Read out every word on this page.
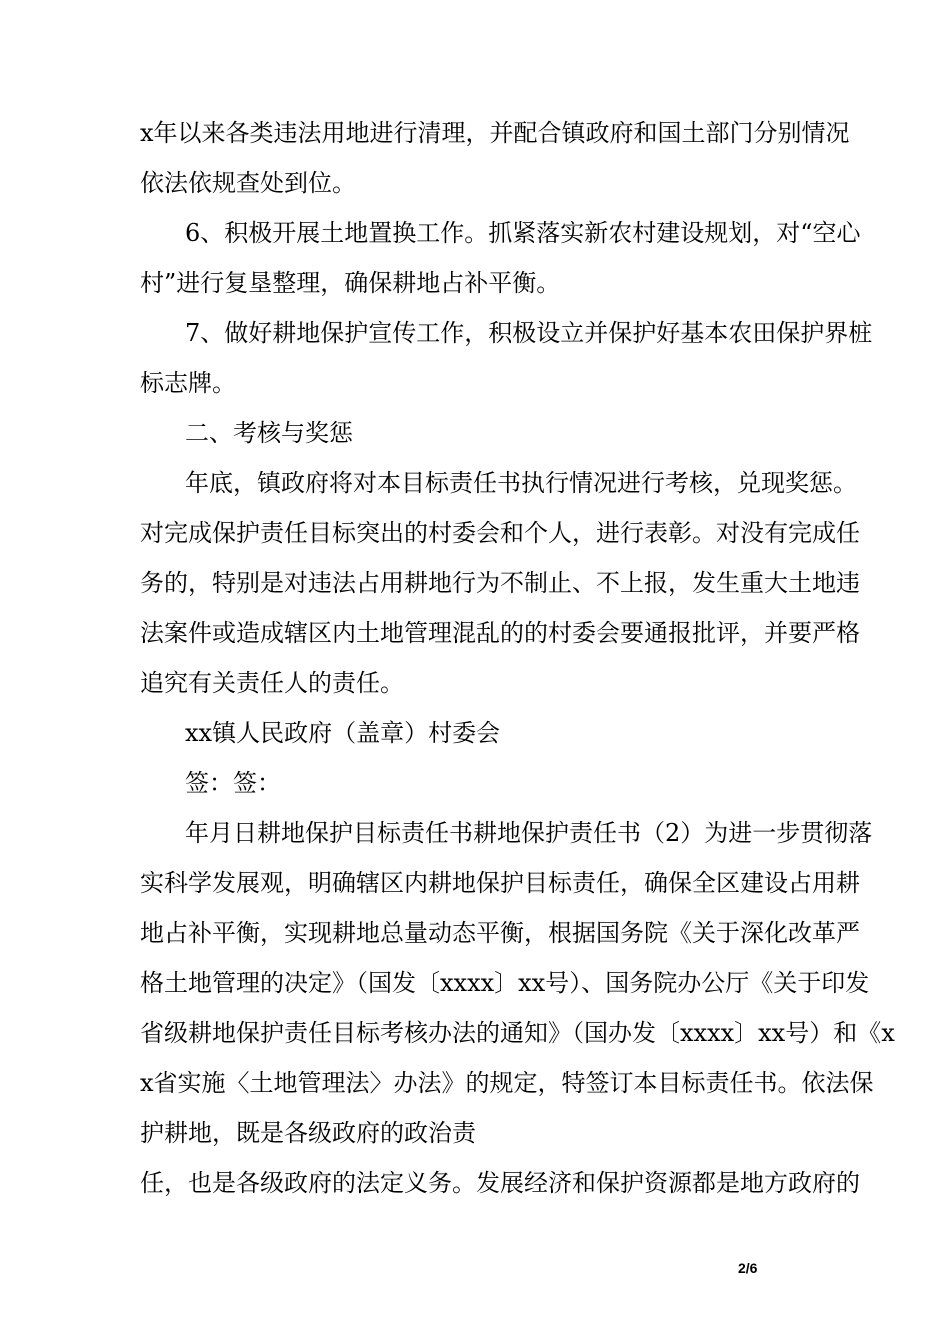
x年以来各类违法用地进行清理，并配合镇政府和国土部门分别情况
依法依规查处到位。
6、积极开展土地置换工作。抓紧落实新农村建设规划，对“空心
村”进行复垦整理，确保耕地占补平衡。
7、做好耕地保护宣传工作，积极设立并保护好基本农田保护界桩
标志牌。
二、考核与奖惩
年底，镇政府将对本目标责任书执行情况进行考核，兑现奖惩。
对完成保护责任目标突出的村委会和个人，进行表彰。对没有完成任
务的，特别是对违法占用耕地行为不制止、不上报，发生重大土地违
法案件或造成辖区内土地管理混乱的的村委会要通报批评，并要严格
追究有关责任人的责任。
xx镇人民政府（盖章）村委会
签：签：
年月日耕地保护目标责任书耕地保护责任书（2）为进一步贯彻落
实科学发展观，明确辖区内耕地保护目标责任，确保全区建设占用耕
地占补平衡，实现耕地总量动态平衡，根据国务院《关于深化改革严
格土地管理的决定》（国发〔xxxx〕xx号）、国务院办公厅《关于印发
省级耕地保护责任目标考核办法的通知》（国办发〔xxxx〕xx号）和《x
x省实施〈土地管理法〉办法》的规定，特签订本目标责任书。依法保
护耕地，既是各级政府的政治责
任，也是各级政府的法定义务。发展经济和保护资源都是地方政府的
2/6
